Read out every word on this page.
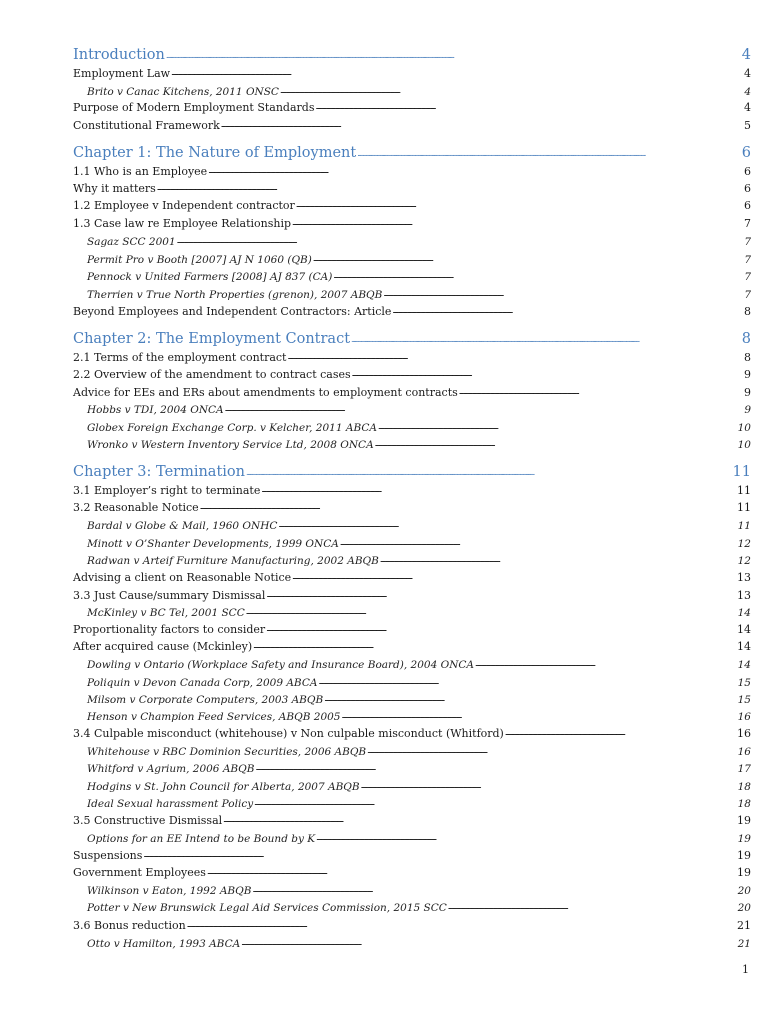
Introduction . . .	4
Employment Law . . .	4
Brito v Canac Kitchens, 2011 ONSC . . .	4
Purpose of Modern Employment Standards . . .	4
Constitutional Framework . . .	5
Chapter 1: The Nature of Employment . . .	6
1.1 Who is an Employee . . .	6
Why it matters . . .	6
1.2 Employee v Independent contractor . . .	6
1.3 Case law re Employee Relationship . . .	7
Sagaz SCC 2001 . . .	7
Permit Pro v Booth [2007] AJ N 1060 (QB) . . .	7
Pennock v United Farmers [2008] AJ 837 (CA) . . .	7
Therrien v True North Properties (grenon), 2007 ABQB . . .	7
Beyond Employees and Independent Contractors: Article . . .	8
Chapter 2: The Employment Contract . . .	8
2.1 Terms of the employment contract . . .	8
2.2 Overview of the amendment to contract cases . . .	9
Advice for EEs and ERs about amendments to employment contracts . . .	9
Hobbs v TDI, 2004 ONCA . . .	9
Globex Foreign Exchange Corp. v Kelcher, 2011 ABCA . . .	10
Wronko v Western Inventory Service Ltd, 2008 ONCA . . .	10
Chapter 3: Termination . . .	11
3.1 Employer’s right to terminate . . .	11
3.2 Reasonable Notice . . .	11
Bardal v Globe & Mail, 1960 ONHC . . .	11
Minott v O’Shanter Developments, 1999 ONCA . . .	12
Radwan v Arteif Furniture Manufacturing, 2002 ABQB . . .	12
Advising a client on Reasonable Notice . . .	13
3.3 Just Cause/summary Dismissal . . .	13
McKinley v BC Tel, 2001 SCC . . .	14
Proportionality factors to consider . . .	14
After acquired cause (Mckinley) . . .	14
Dowling v Ontario (Workplace Safety and Insurance Board), 2004 ONCA . . .	14
Poliquin v Devon Canada Corp, 2009 ABCA . . .	15
Milsom v Corporate Computers, 2003 ABQB . . .	15
Henson v Champion Feed Services, ABQB 2005 . . .	16
3.4 Culpable misconduct (whitehouse) v Non culpable misconduct (Whitford) . . .	16
Whitehouse v RBC Dominion Securities, 2006 ABQB . . .	16
Whitford v Agrium, 2006 ABQB . . .	17
Hodgins v St. John Council for Alberta, 2007 ABQB . . .	18
Ideal Sexual harassment Policy . . .	18
3.5 Constructive Dismissal . . .	19
Options for an EE Intend to be Bound by K . . .	19
Suspensions . . .	19
Government Employees . . .	19
Wilkinson v Eaton, 1992 ABQB . . .	20
Potter v New Brunswick Legal Aid Services Commission, 2015 SCC . . .	20
3.6 Bonus reduction . . .	21
Otto v Hamilton, 1993 ABCA . . .	21
1
